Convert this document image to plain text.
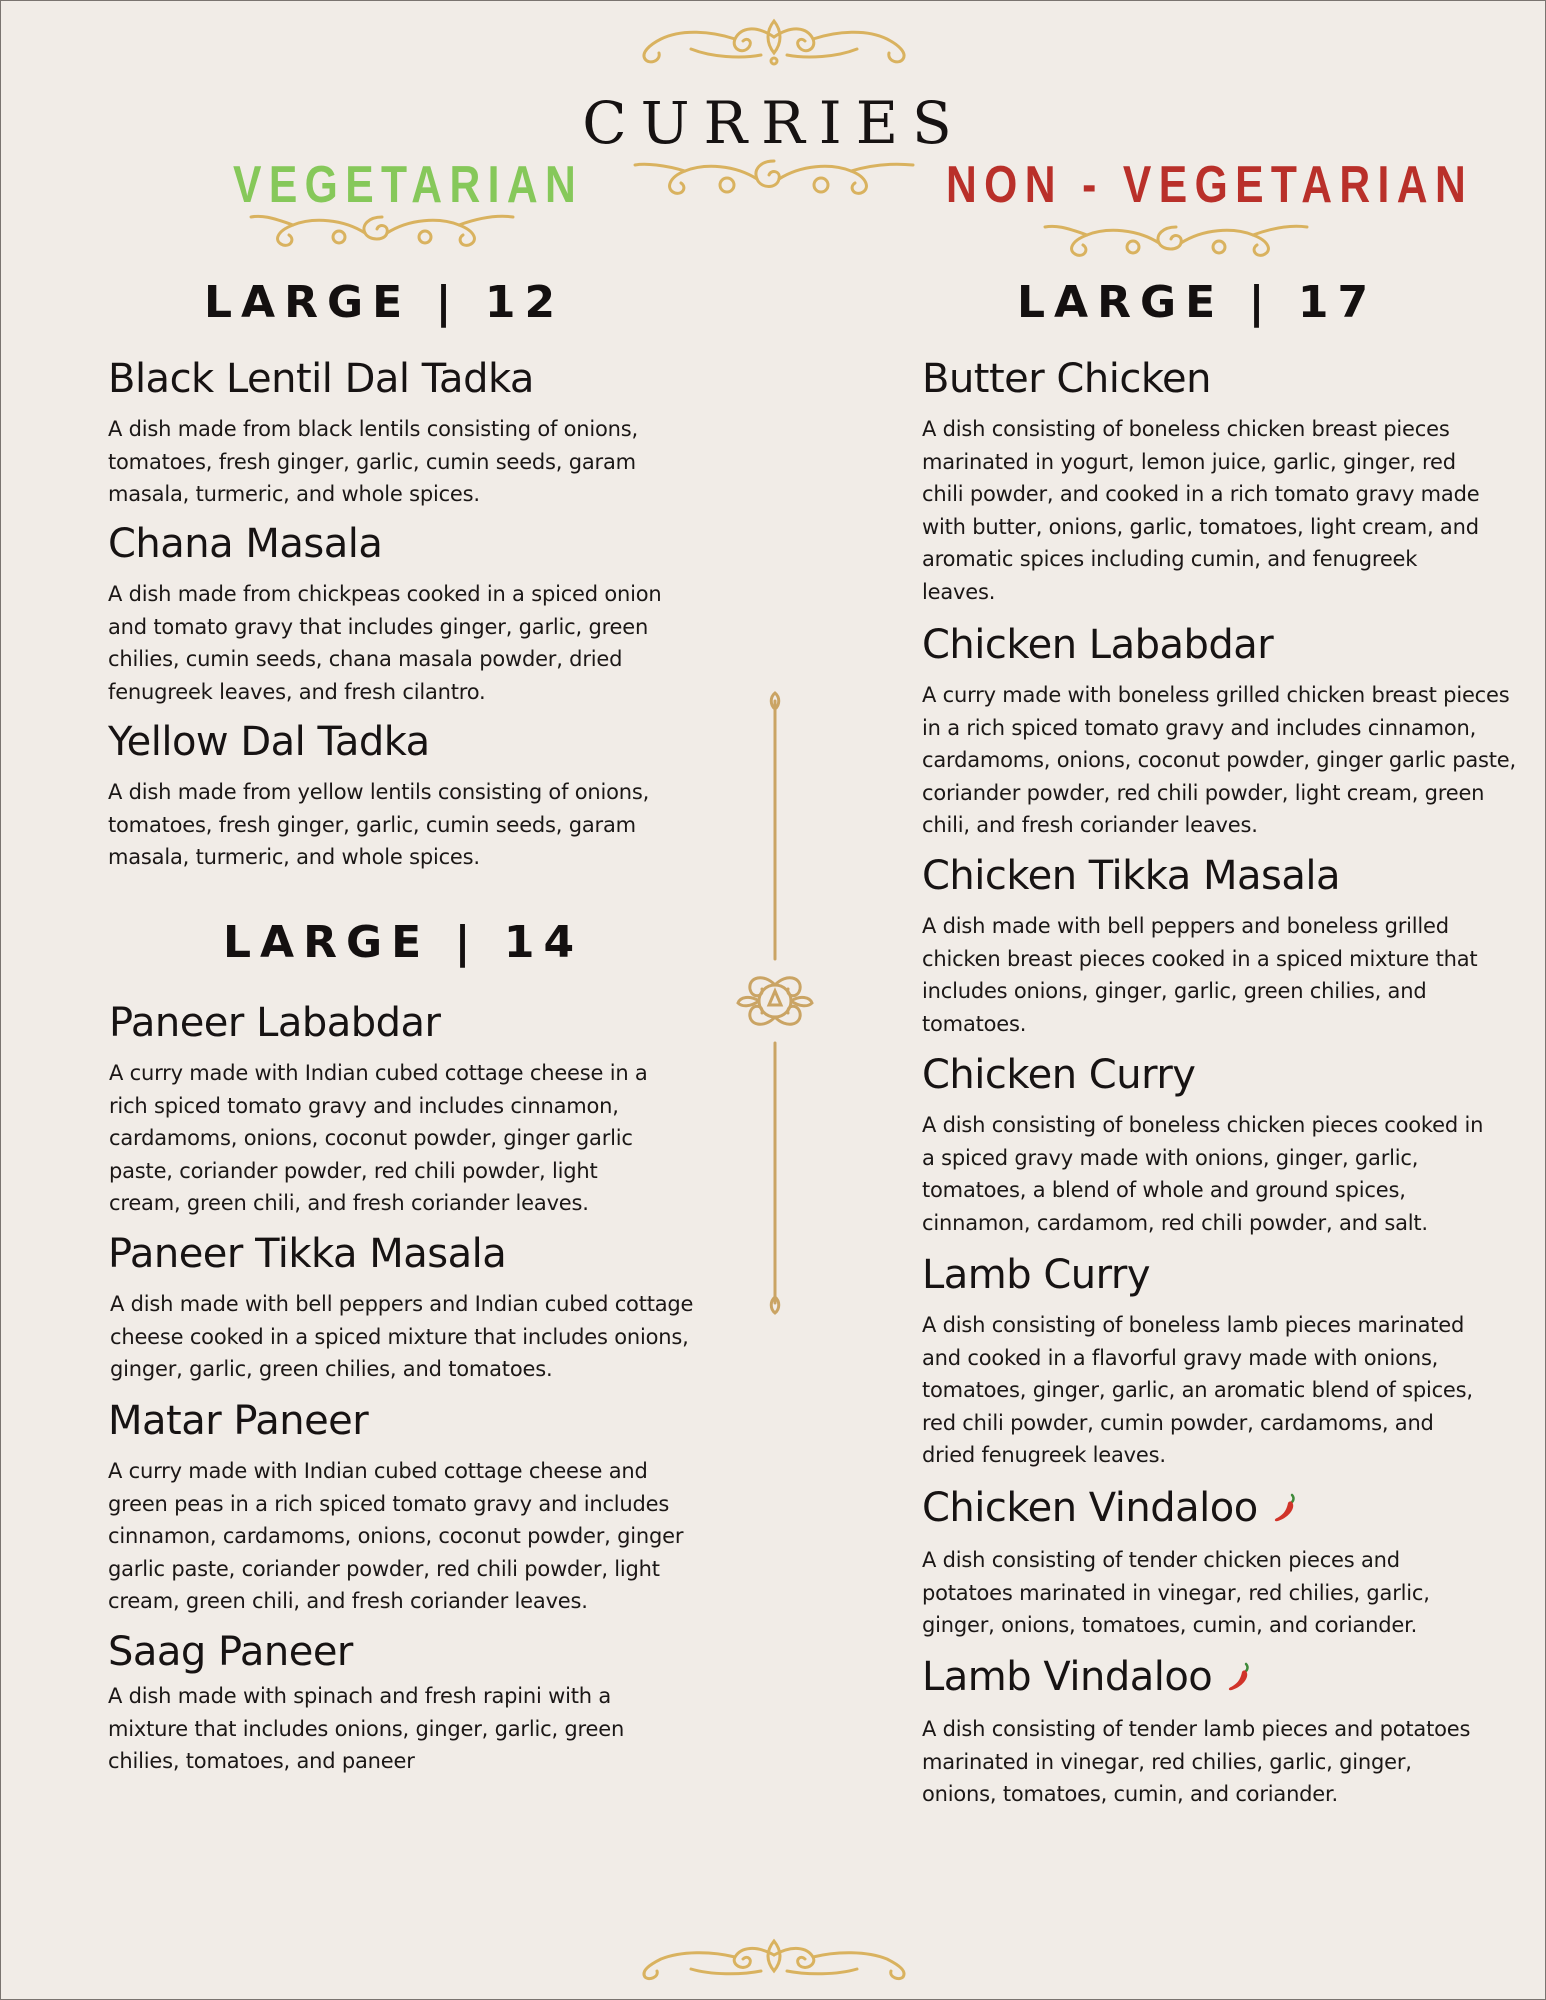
CURRIES
VEGETARIAN	NON - VEGETARIAN
LARGE | 12	LARGE | 17
LARGE | 14
Black Lentil Dal Tadka

A dish made from black lentils consisting of onions, tomatoes, fresh ginger, garlic, cumin seeds, garam masala, turmeric, and whole spices.

Chana Masala

A dish made from chickpeas cooked in a spiced onion and tomato gravy that includes ginger, garlic, green chilies, cumin seeds, chana masala powder, dried fenugreek leaves, and fresh cilantro.

Yellow Dal Tadka

A dish made from yellow lentils consisting of onions, tomatoes, fresh ginger, garlic, cumin seeds, garam masala, turmeric, and whole spices.

Paneer Lababdar

A curry made with Indian cubed cottage cheese in a rich spiced tomato gravy and includes cinnamon, cardamoms, onions, coconut powder, ginger garlic paste, coriander powder, red chili powder, light cream, green chili, and fresh coriander leaves.

Paneer Tikka Masala

A dish made with bell peppers and Indian cubed cottage cheese cooked in a spiced mixture that includes onions, ginger, garlic, green chilies, and tomatoes.

Matar Paneer

A curry made with Indian cubed cottage cheese and green peas in a rich spiced tomato gravy and includes cinnamon, cardamoms, onions, coconut powder, ginger garlic paste, coriander powder, red chili powder, light cream, green chili, and fresh coriander leaves.

Saag Paneer

A dish made with spinach and fresh rapini with a mixture that includes onions, ginger, garlic, green chilies, tomatoes, and paneer

Butter Chicken

A dish consisting of boneless chicken breast pieces marinated in yogurt, lemon juice, garlic, ginger, red chili powder, and cooked in a rich tomato gravy made with butter, onions, garlic, tomatoes, light cream, and aromatic spices including cumin, and fenugreek leaves.

Chicken Lababdar

A curry made with boneless grilled chicken breast pieces in a rich spiced tomato gravy and includes cinnamon, cardamoms, onions, coconut powder, ginger garlic paste, coriander powder, red chili powder, light cream, green chili, and fresh coriander leaves.

Chicken Tikka Masala

A dish made with bell peppers and boneless grilled chicken breast pieces cooked in a spiced mixture that includes onions, ginger, garlic, green chilies, and tomatoes.

Chicken Curry

A dish consisting of boneless chicken pieces cooked in a spiced gravy made with onions, ginger, garlic, tomatoes, a blend of whole and ground spices, cinnamon, cardamom, red chili powder, and salt.

Lamb Curry

A dish consisting of boneless lamb pieces marinated and cooked in a flavorful gravy made with onions, tomatoes, ginger, garlic, an aromatic blend of spices, red chili powder, cumin powder, cardamoms, and dried fenugreek leaves.

Chicken Vindaloo

A dish consisting of tender chicken pieces and potatoes marinated in vinegar, red chilies, garlic, ginger, onions, tomatoes, cumin, and coriander.

Lamb Vindaloo

A dish consisting of tender lamb pieces and potatoes marinated in vinegar, red chilies, garlic, ginger, onions, tomatoes, cumin, and coriander.
